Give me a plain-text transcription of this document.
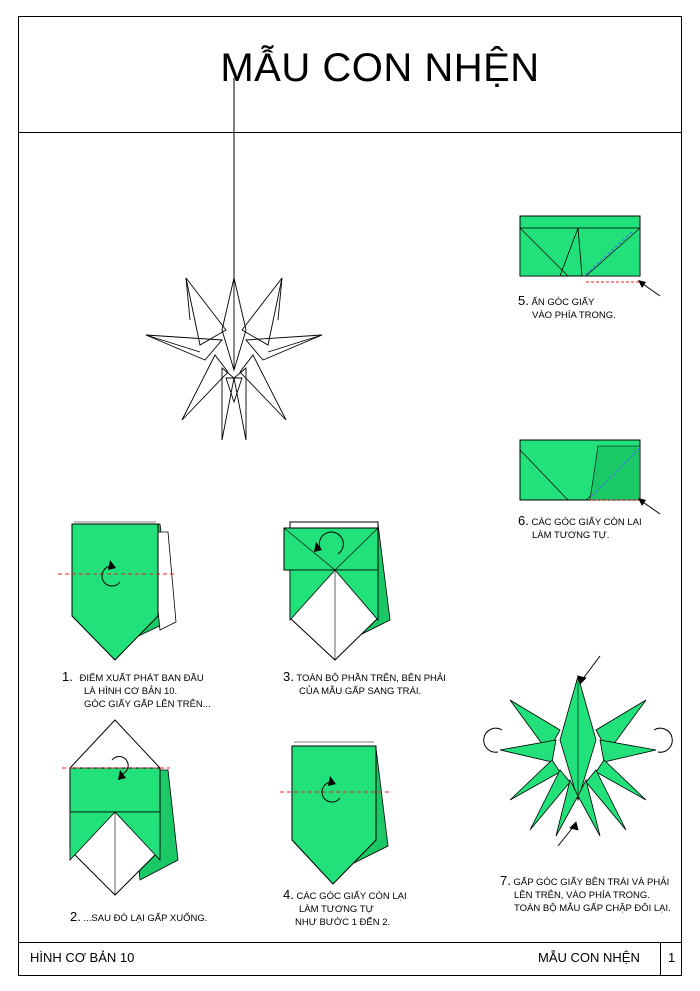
MẪU CON NHỆN
1. ĐIỂM XUẤT PHÁT BAN ĐẦU
LÀ HÌNH CƠ BẢN 10.
GÓC GIẤY GẤP LÊN TRÊN...
2. ...SAU ĐÓ LẠI GẤP XUỐNG.
3. TOÀN BỘ PHẦN TRÊN, BÊN PHẢI
CỦA MẪU GẤP SANG TRÁI.
4. CÁC GÓC GIẤY CÒN LẠI
LÀM TƯƠNG TỰ
NHƯ BƯỚC 1 ĐẾN 2.
5. ẤN GÓC GIẤY
VÀO PHÍA TRONG.
6. CÁC GÓC GIẤY CÒN LẠI
LÀM TƯƠNG TỰ.
7. GẤP GÓC GIẤY BÊN TRÁI VÀ PHẢI
LÊN TRÊN, VÀO PHÍA TRONG.
TOÀN BỘ MẪU GẤP CHẬP ĐÔI LẠI.
HÌNH CƠ BẢN 10	MẪU CON NHỆN 1
